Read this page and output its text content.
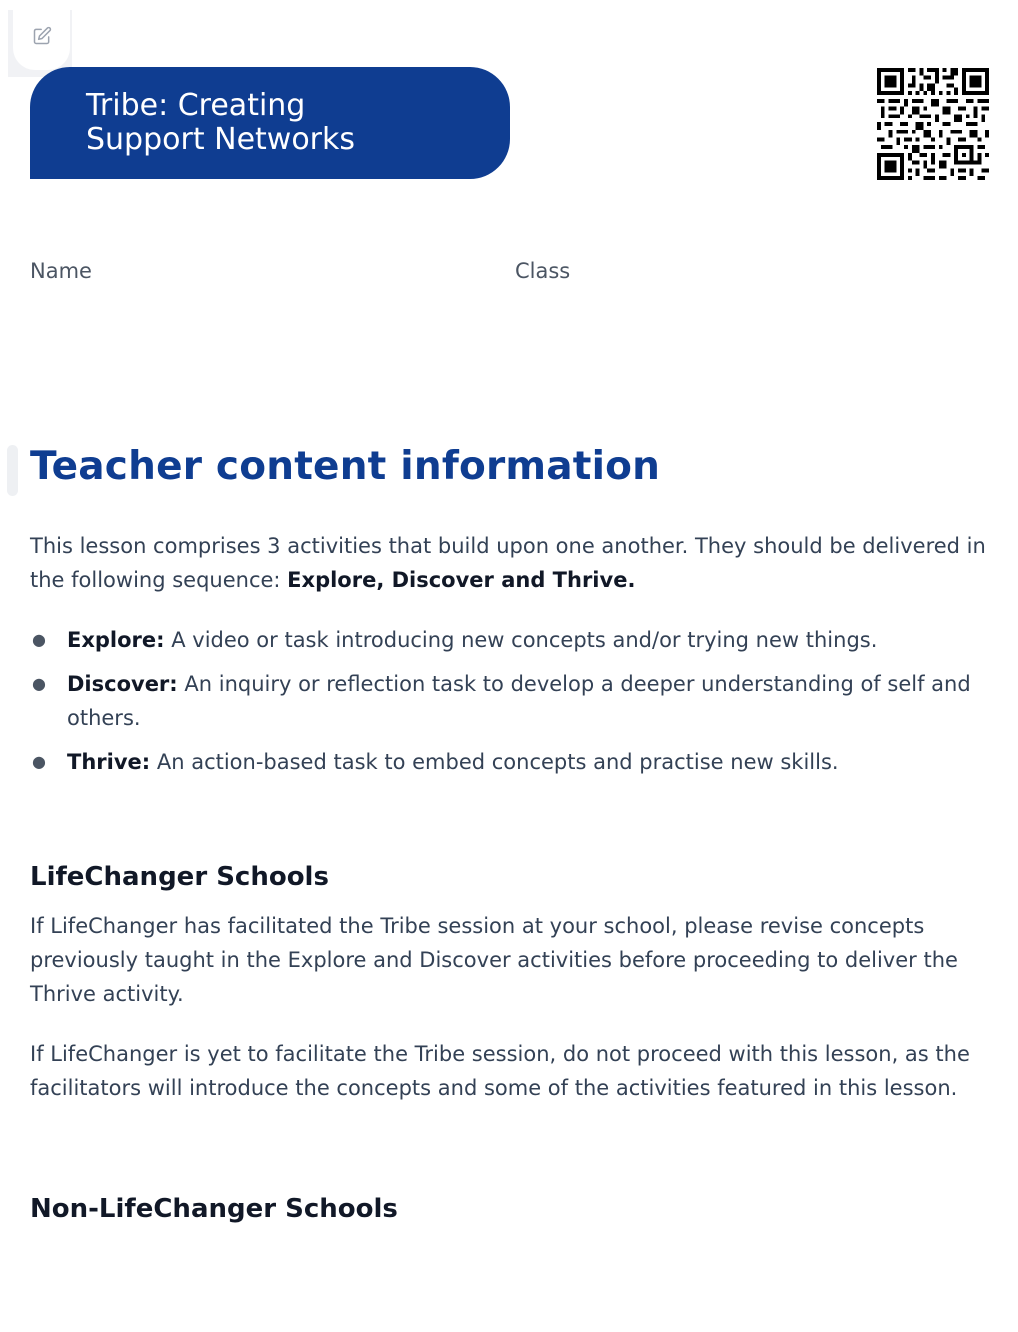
Tribe: Creating Support Networks
Name	Class
Teacher content information

This lesson comprises 3 activities that build upon one another. They should be delivered in the following sequence: Explore, Discover and Thrive.

● Explore: A video or task introducing new concepts and/or trying new things.
● Discover: An inquiry or reflection task to develop a deeper understanding of self and others.
● Thrive: An action-based task to embed concepts and practise new skills.
LifeChanger Schools

If LifeChanger has facilitated the Tribe session at your school, please revise concepts previously taught in the Explore and Discover activities before proceeding to deliver the Thrive activity.

If LifeChanger is yet to facilitate the Tribe session, do not proceed with this lesson, as the facilitators will introduce the concepts and some of the activities featured in this lesson.

Non-LifeChanger Schools
